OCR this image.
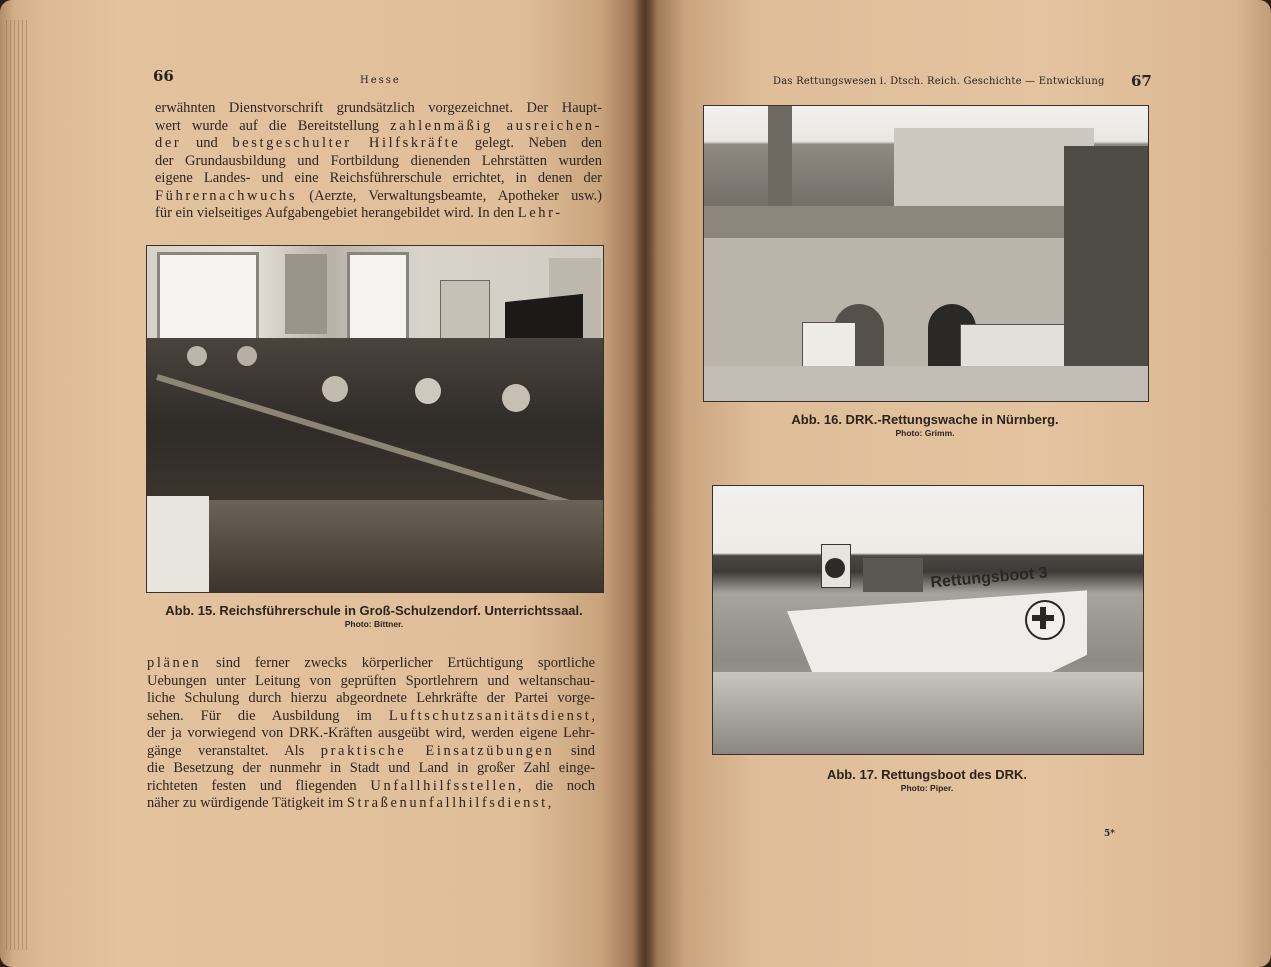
66	Hesse
erwähnten Dienstvorschrift grundsätzlich vorgezeichnet. Der Haupt-
wert wurde auf die Bereitstellung zahlenmäßig ausreichen-
der und bestgeschulter Hilfskräfte gelegt. Neben den
der Grundausbildung und Fortbildung dienenden Lehrstätten wurden
eigene Landes- und eine Reichsführerschule errichtet, in denen der
Führernachwuchs (Aerzte, Verwaltungsbeamte, Apotheker usw.)
für ein vielseitiges Aufgabengebiet herangebildet wird. In den Lehr-
Abb. 15. Reichsführerschule in Groß-Schulzendorf. Unterrichtssaal.
Photo: Bittner.
plänen sind ferner zwecks körperlicher Ertüchtigung sportliche
Uebungen unter Leitung von geprüften Sportlehrern und weltanschau-
liche Schulung durch hierzu abgeordnete Lehrkräfte der Partei vorge-
sehen. Für die Ausbildung im Luftschutzsanitätsdienst,
der ja vorwiegend von DRK.-Kräften ausgeübt wird, werden eigene Lehr-
gänge veranstaltet. Als praktische Einsatzübungen sind
die Besetzung der nunmehr in Stadt und Land in großer Zahl einge-
richteten festen und fliegenden Unfallhilfsstellen, die noch
näher zu würdigende Tätigkeit im Straßenunfallhilfsdienst,
Das Rettungswesen i. Dtsch. Reich. Geschichte — Entwicklung 67
Abb. 16. DRK.-Rettungswache in Nürnberg.
Photo: Grimm.
Rettungsboot 3
Abb. 17. Rettungsboot des DRK.
Photo: Piper.
5*
